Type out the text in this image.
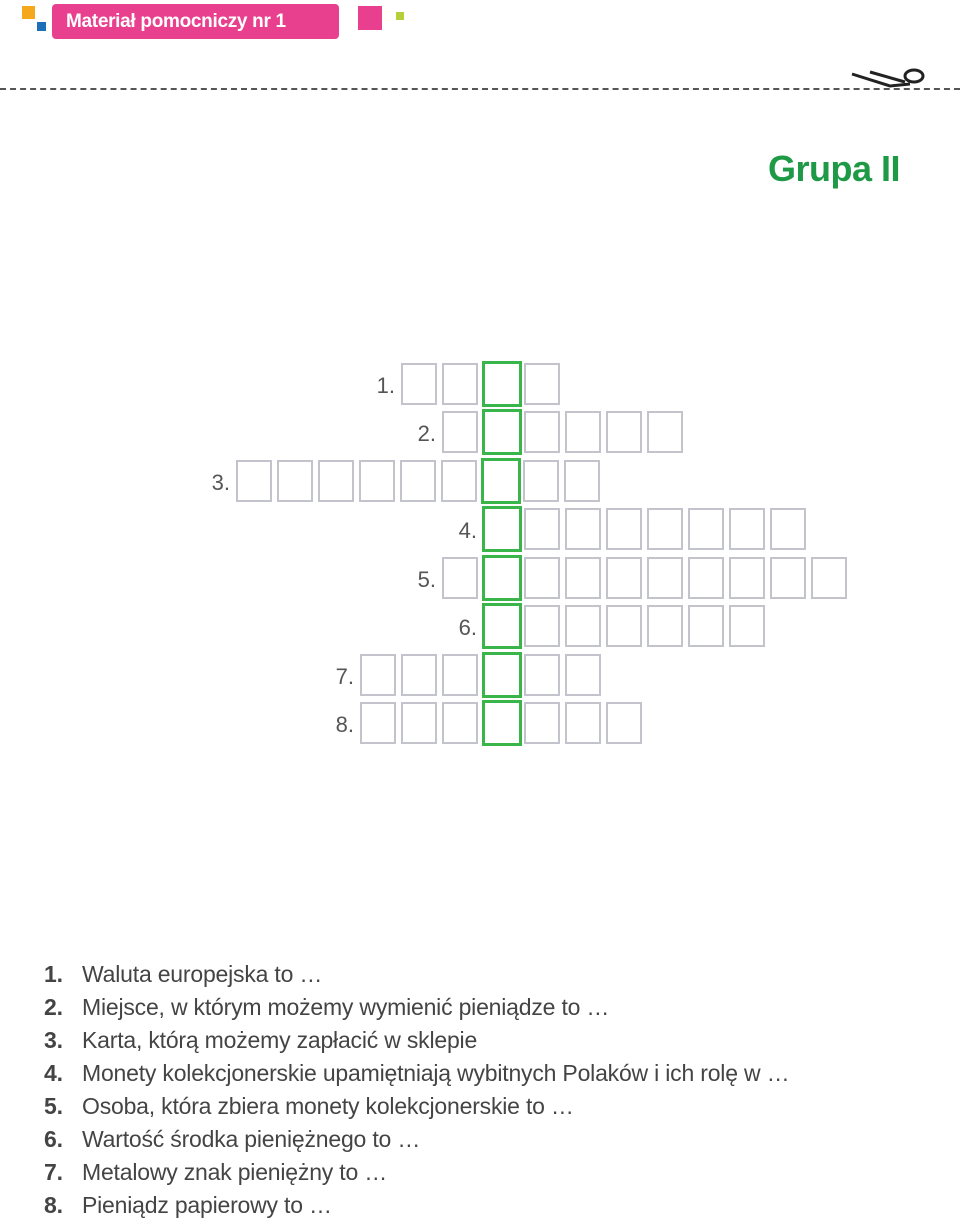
Materiał pomocniczy nr 1
Grupa II
1.
2.
3.
4.
5.
6.
7.
8.
1. Waluta europejska to …
2. Miejsce, w którym możemy wymienić pieniądze to …
3. Karta, którą możemy zapłacić w sklepie
4. Monety kolekcjonerskie upamiętniają wybitnych Polaków i ich rolę w …
5. Osoba, która zbiera monety kolekcjonerskie to …
6. Wartość środka pieniężnego to …
7. Metalowy znak pieniężny to …
8. Pieniądz papierowy to …
